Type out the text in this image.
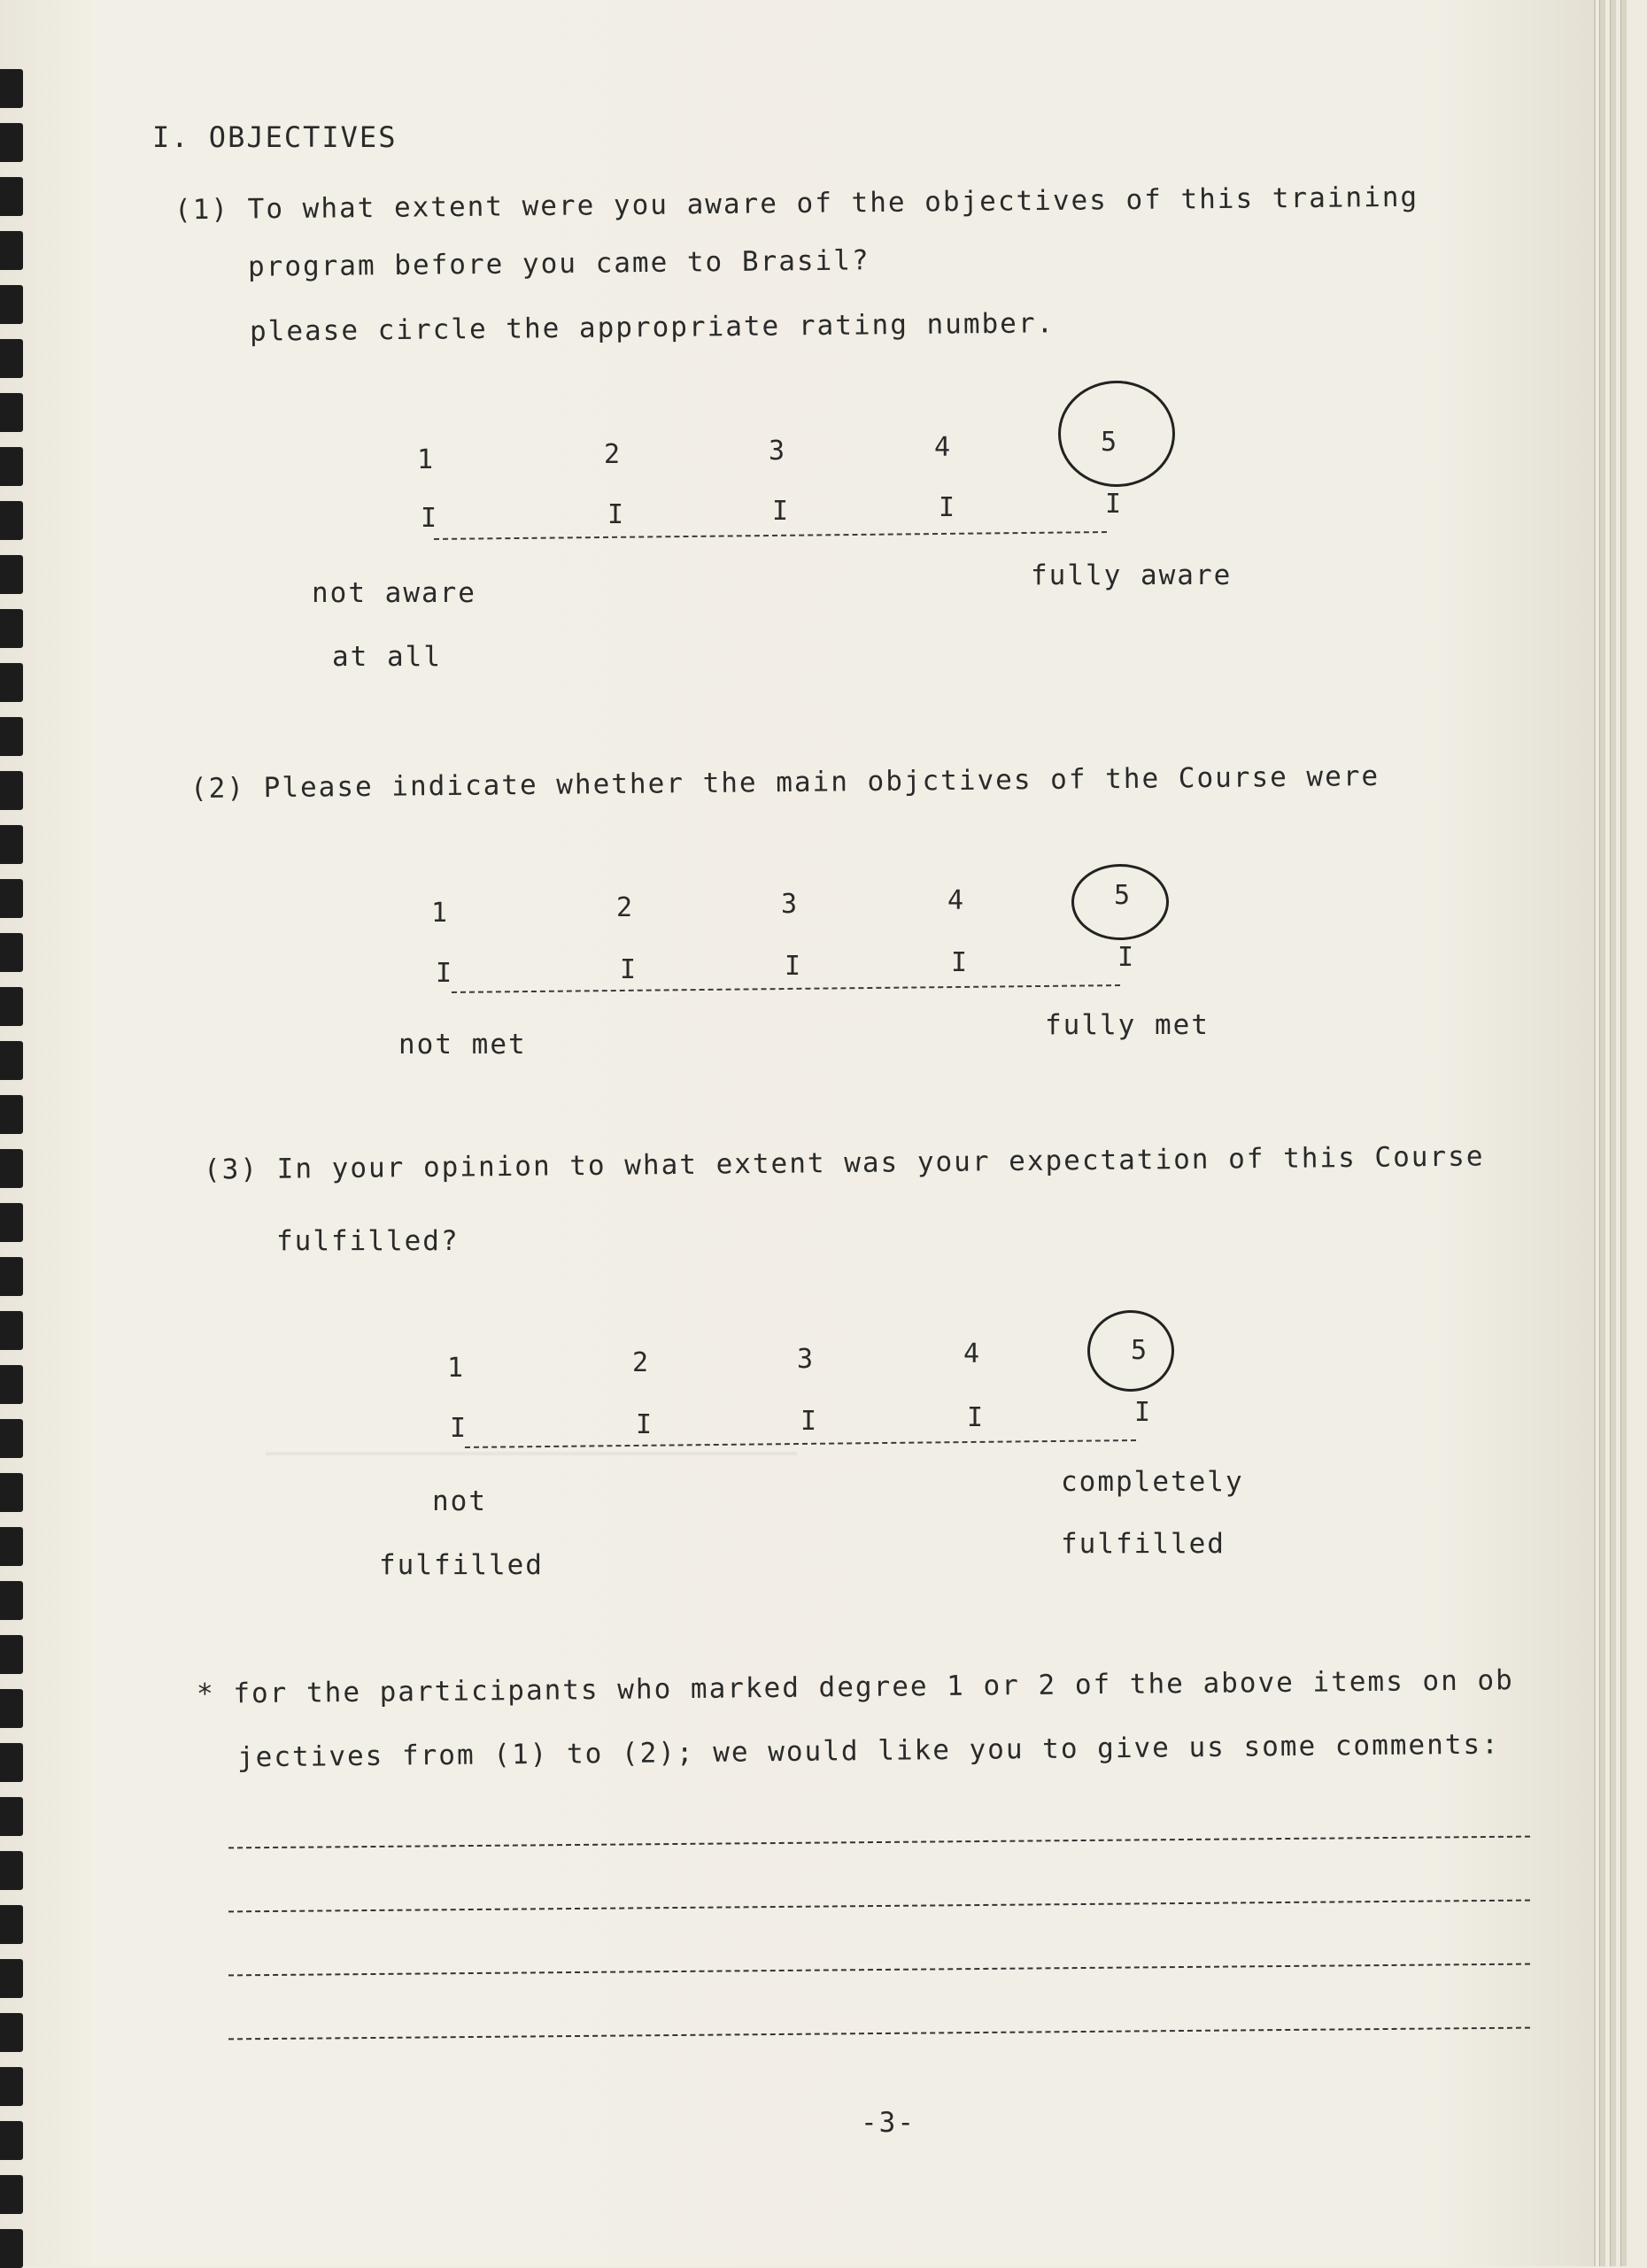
I. OBJECTIVES
(1) To what extent were you aware of the objectives of this training
program before you came to Brasil?
please circle the appropriate rating number.
1	2	3	4	5
I	I	I	I	I
not aware
at all
fully aware
(2) Please indicate whether the main objctives of the Course were
1	2	3	4	5
I	I	I	I	I
not met
fully met
(3) In your opinion to what extent was your expectation of this Course
fulfilled?
1	2	3	4	5
I	I	I	I	I
not
fulfilled
completely
fulfilled
* for the participants who marked degree 1 or 2 of the above items on ob
jectives from (1) to (2); we would like you to give us some comments:
-3-
